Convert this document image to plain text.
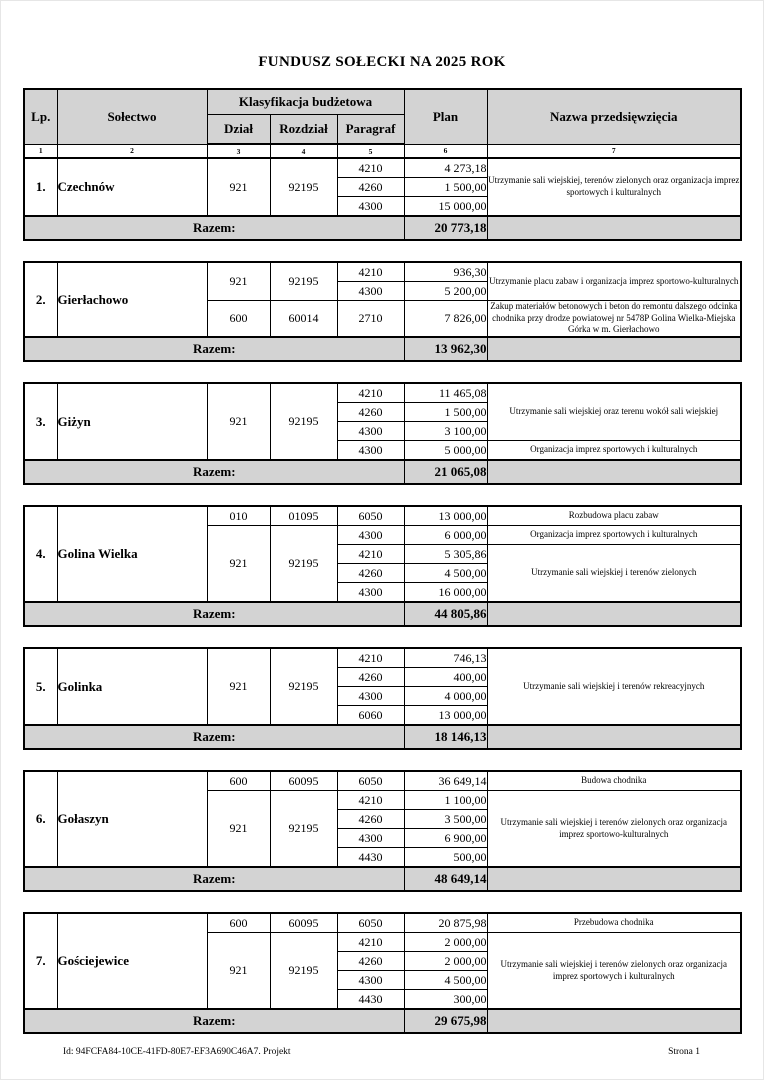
FUNDUSZ SOŁECKI NA 2025 ROK
Lp.	Sołectwo	Klasyfikacja budżetowa			Plan	Nazwa przedsięwzięcia
		Dział	Rozdział	Paragraf		
1	2	3	4	5	6	7
1.	Czechnów	921	92195	4210	4 273,18	Utrzymanie sali wiejskiej, terenów zielonych oraz organizacja imprez sportowych i kulturalnych
				4260	1 500,00	
				4300	15 000,00	
Razem:					20 773,18	
2.	Gierłachowo	921	92195	4210	936,30	Utrzymanie placu zabaw i organizacja imprez sportowo-kulturalnych
				4300	5 200,00	
		600	60014	2710	7 826,00	Zakup materiałów betonowych i beton do remontu dalszego odcinka chodnika przy drodze powiatowej nr 5478P Golina Wielka-Miejska Górka w m. Gierłachowo
Razem:					13 962,30	
3.	Giżyn	921	92195	4210	11 465,08	Utrzymanie sali wiejskiej oraz terenu wokół sali wiejskiej
				4260	1 500,00	
				4300	3 100,00	
				4300	5 000,00	Organizacja imprez sportowych i kulturalnych
Razem:					21 065,08	
4.	Golina Wielka	010	01095	6050	13 000,00	Rozbudowa placu zabaw
		921	92195	4300	6 000,00	Organizacja imprez sportowych i kulturalnych
				4210	5 305,86	Utrzymanie sali wiejskiej i terenów zielonych
				4260	4 500,00	
				4300	16 000,00	
Razem:					44 805,86	
5.	Golinka	921	92195	4210	746,13	Utrzymanie sali wiejskiej i terenów rekreacyjnych
				4260	400,00	
				4300	4 000,00	
				6060	13 000,00	
Razem:					18 146,13	
6.	Gołaszyn	600	60095	6050	36 649,14	Budowa chodnika
		921	92195	4210	1 100,00	Utrzymanie sali wiejskiej i terenów zielonych oraz organizacja imprez sportowo-kulturalnych
				4260	3 500,00	
				4300	6 900,00	
				4430	500,00	
Razem:					48 649,14	
7.	Gościejewice	600	60095	6050	20 875,98	Przebudowa chodnika
		921	92195	4210	2 000,00	Utrzymanie sali wiejskiej i terenów zielonych oraz organizacja imprez sportowych i kulturalnych
				4260	2 000,00	
				4300	4 500,00	
				4430	300,00	
Razem:					29 675,98	
Id: 94FCFA84-10CE-41FD-80E7-EF3A690C46A7. Projekt	Strona 1
